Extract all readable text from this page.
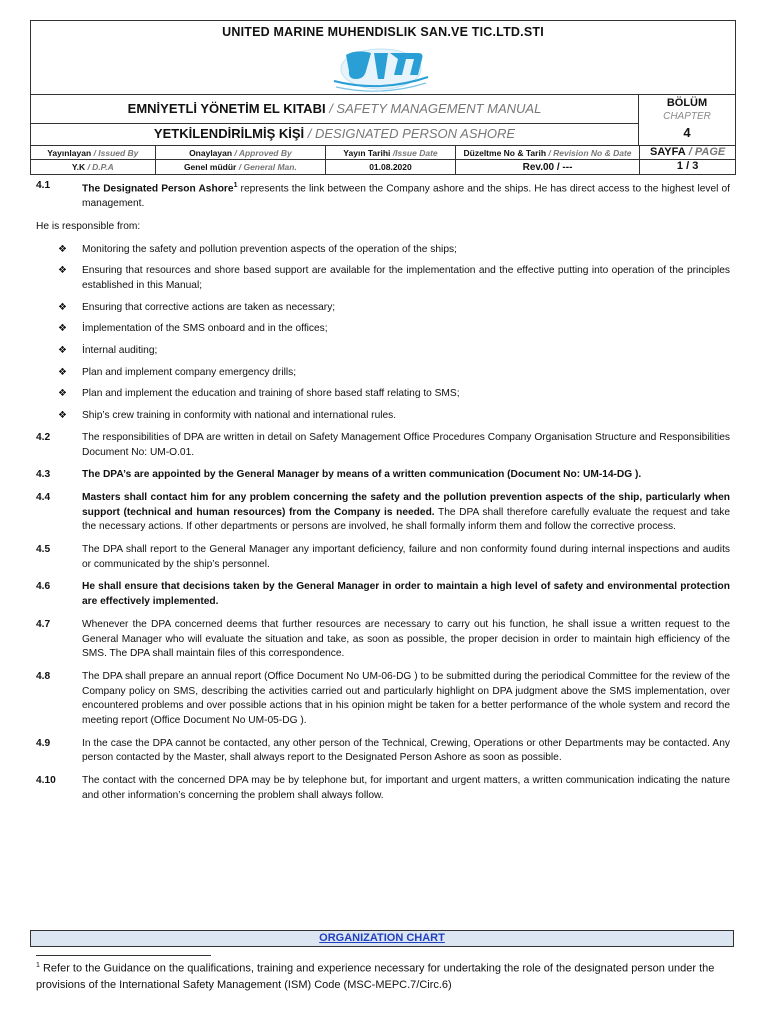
UNITED MARINE MUHENDISLIK SAN.VE TIC.LTD.STI
EMNİYETLİ YÖNETİM EL KITABI / SAFETY MANAGEMENT MANUAL
YETKİLENDİRİLMİŞ KİŞİ / DESIGNATED PERSON ASHORE
BÖLÜM
CHAPTER
4
Yayınlayan / Issued By	Onaylayan / Approved By	Yayın Tarihi /Issue Date	Düzeltme No & Tarih / Revision No & Date	SAYFA / PAGE
Y.K / D.P.A	Genel müdür / General Man.	01.08.2020	Rev.00 / ---	1 / 3
4.1	The Designated Person Ashore$^1$ represents the link between the Company ashore and the ships. He has direct access to the highest level of management.
He is responsible from:
❖	Monitoring the safety and pollution prevention aspects of the operation of the ships;
❖	Ensuring that resources and shore based support are available for the implementation and the effective putting into operation of the principles established in this Manual;
❖	Ensuring that corrective actions are taken as necessary;
❖	İmplementation of the SMS onboard and in the offices;
❖	İnternal auditing;
❖	Plan and implement company emergency drills;
❖	Plan and implement the education and training of shore based staff relating to SMS;
❖	Ship’s crew training in conformity with national and international rules.
4.2	The responsibilities of DPA are written in detail on Safety Management Office Procedures Company Organisation Structure and Responsibilities Document No: UM-O.01.
4.3	The DPA’s are appointed by the General Manager by means of a written communication (Document No: UM-14-DG ).
4.4	Masters shall contact him for any problem concerning the safety and the pollution prevention aspects of the ship, particularly when support (technical and human resources) from the Company is needed. The DPA shall therefore carefully evaluate the request and take the necessary actions. If other departments or persons are involved, he shall formally inform them and follow the corrective process.
4.5	The DPA shall report to the General Manager any important deficiency, failure and non conformity found during internal inspections and audits or communicated by the ship’s personnel.
4.6	He shall ensure that decisions taken by the General Manager in order to maintain a high level of safety and environmental protection are effectively implemented.
4.7	Whenever the DPA concerned deems that further resources are necessary to carry out his function, he shall issue a written request to the General Manager who will evaluate the situation and take, as soon as possible, the proper decision in order to maintain high efficiency of the SMS. The DPA shall maintain files of this correspondence.
4.8	The DPA shall prepare an annual report (Office Document No UM-06-DG ) to be submitted during the periodical Committee for the review of the Company policy on SMS, describing the activities carried out and particularly highlight on DPA judgment above the SMS implementation, over encountered problems and over possible actions that in his opinion might be taken for a better performance of the whole system and record the meeting report (Office Document No UM-05-DG ).
4.9	In the case the DPA cannot be contacted, any other person of the Technical, Crewing, Operations or other Departments may be contacted. Any person contacted by the Master, shall always report to the Designated Person Ashore as soon as possible.
4.10	The contact with the concerned DPA may be by telephone but, for important and urgent matters, a written communication indicating the nature and other information’s concerning the problem shall always follow.
ORGANIZATION CHART
$^1$ Refer to the Guidance on the qualifications, training and experience necessary for undertaking the role of the designated person under the provisions of the International Safety Management (ISM) Code (MSC-MEPC.7/Circ.6)
